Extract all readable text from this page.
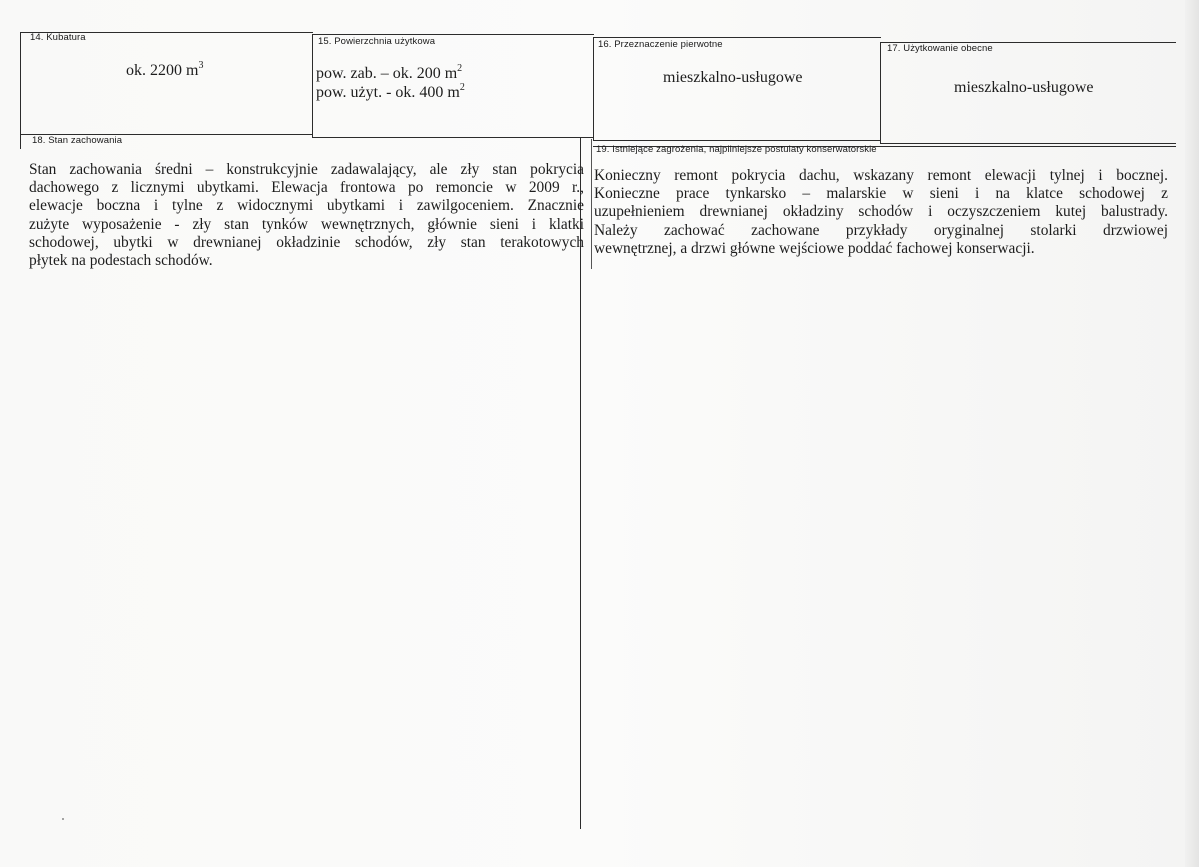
14. Kubatura
ok. 2200 $m^3$
15. Powierzchnia użytkowa
pow. zab. – ok. 200 $m^2$
pow. użyt. - ok. 400 $m^2$
16. Przeznaczenie pierwotne
mieszkalno-usługowe
17. Użytkowanie obecne
mieszkalno-usługowe
18. Stan zachowania
Stan zachowania średni – konstrukcyjnie zadawalający, ale zły stan pokrycia
dachowego z licznymi ubytkami. Elewacja frontowa po remoncie w 2009 r.,
elewacje boczna i tylne z widocznymi ubytkami i zawilgoceniem. Znacznie
zużyte wyposażenie - zły stan tynków wewnętrznych, głównie sieni i klatki
schodowej, ubytki w drewnianej okładzinie schodów, zły stan terakotowych
płytek na podestach schodów.
19. Istniejące zagrożenia, najpilniejsze postulaty konserwatorskie
Konieczny remont pokrycia dachu, wskazany remont elewacji tylnej i bocznej.
Konieczne prace tynkarsko – malarskie w sieni i na klatce schodowej z
uzupełnieniem drewnianej okładziny schodów i oczyszczeniem kutej balustrady.
Należy zachować zachowane przykłady oryginalnej stolarki drzwiowej
wewnętrznej, a drzwi główne wejściowe poddać fachowej konserwacji.
